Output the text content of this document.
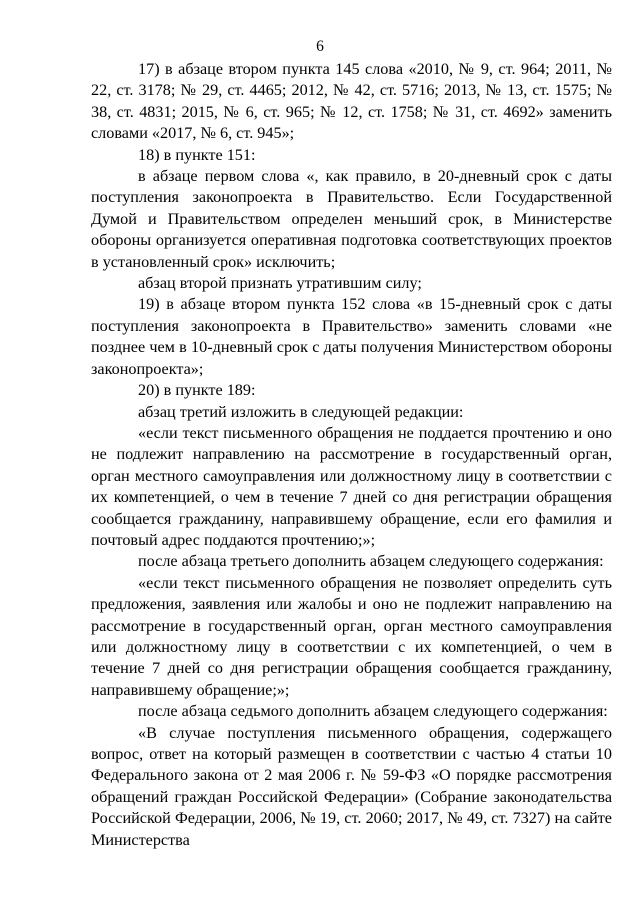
6

17) в абзаце втором пункта 145 слова «2010, № 9, ст. 964; 2011, № 22, ст. 3178; № 29, ст. 4465; 2012, № 42, ст. 5716; 2013, № 13, ст. 1575; № 38, ст. 4831; 2015, № 6, ст. 965; № 12, ст. 1758; № 31, ст. 4692» заменить словами «2017, № 6, ст. 945»;

18) в пункте 151:

в абзаце первом слова «, как правило, в 20-дневный срок с даты поступления законопроекта в Правительство. Если Государственной Думой и Правительством определен меньший срок, в Министерстве обороны организуется оперативная подготовка соответствующих проектов в установленный срок» исключить;

абзац второй признать утратившим силу;

19) в абзаце втором пункта 152 слова «в 15-дневный срок с даты поступления законопроекта в Правительство» заменить словами «не позднее чем в 10-дневный срок с даты получения Министерством обороны законопроекта»;

20) в пункте 189:

абзац третий изложить в следующей редакции:

«если текст письменного обращения не поддается прочтению и оно не подлежит направлению на рассмотрение в государственный орган, орган местного самоуправления или должностному лицу в соответствии с их компетенцией, о чем в течение 7 дней со дня регистрации обращения сообщается гражданину, направившему обращение, если его фамилия и почтовый адрес поддаются прочтению;»;

после абзаца третьего дополнить абзацем следующего содержания:

«если текст письменного обращения не позволяет определить суть предложения, заявления или жалобы и оно не подлежит направлению на рассмотрение в государственный орган, орган местного самоуправления или должностному лицу в соответствии с их компетенцией, о чем в течение 7 дней со дня регистрации обращения сообщается гражданину, направившему обращение;»;

после абзаца седьмого дополнить абзацем следующего содержания:

«В случае поступления письменного обращения, содержащего вопрос, ответ на который размещен в соответствии с частью 4 статьи 10 Федерального закона от 2 мая 2006 г. № 59-ФЗ «О порядке рассмотрения обращений граждан Российской Федерации» (Собрание законодательства Российской Федерации, 2006, № 19, ст. 2060; 2017, № 49, ст. 7327) на сайте Министерства
